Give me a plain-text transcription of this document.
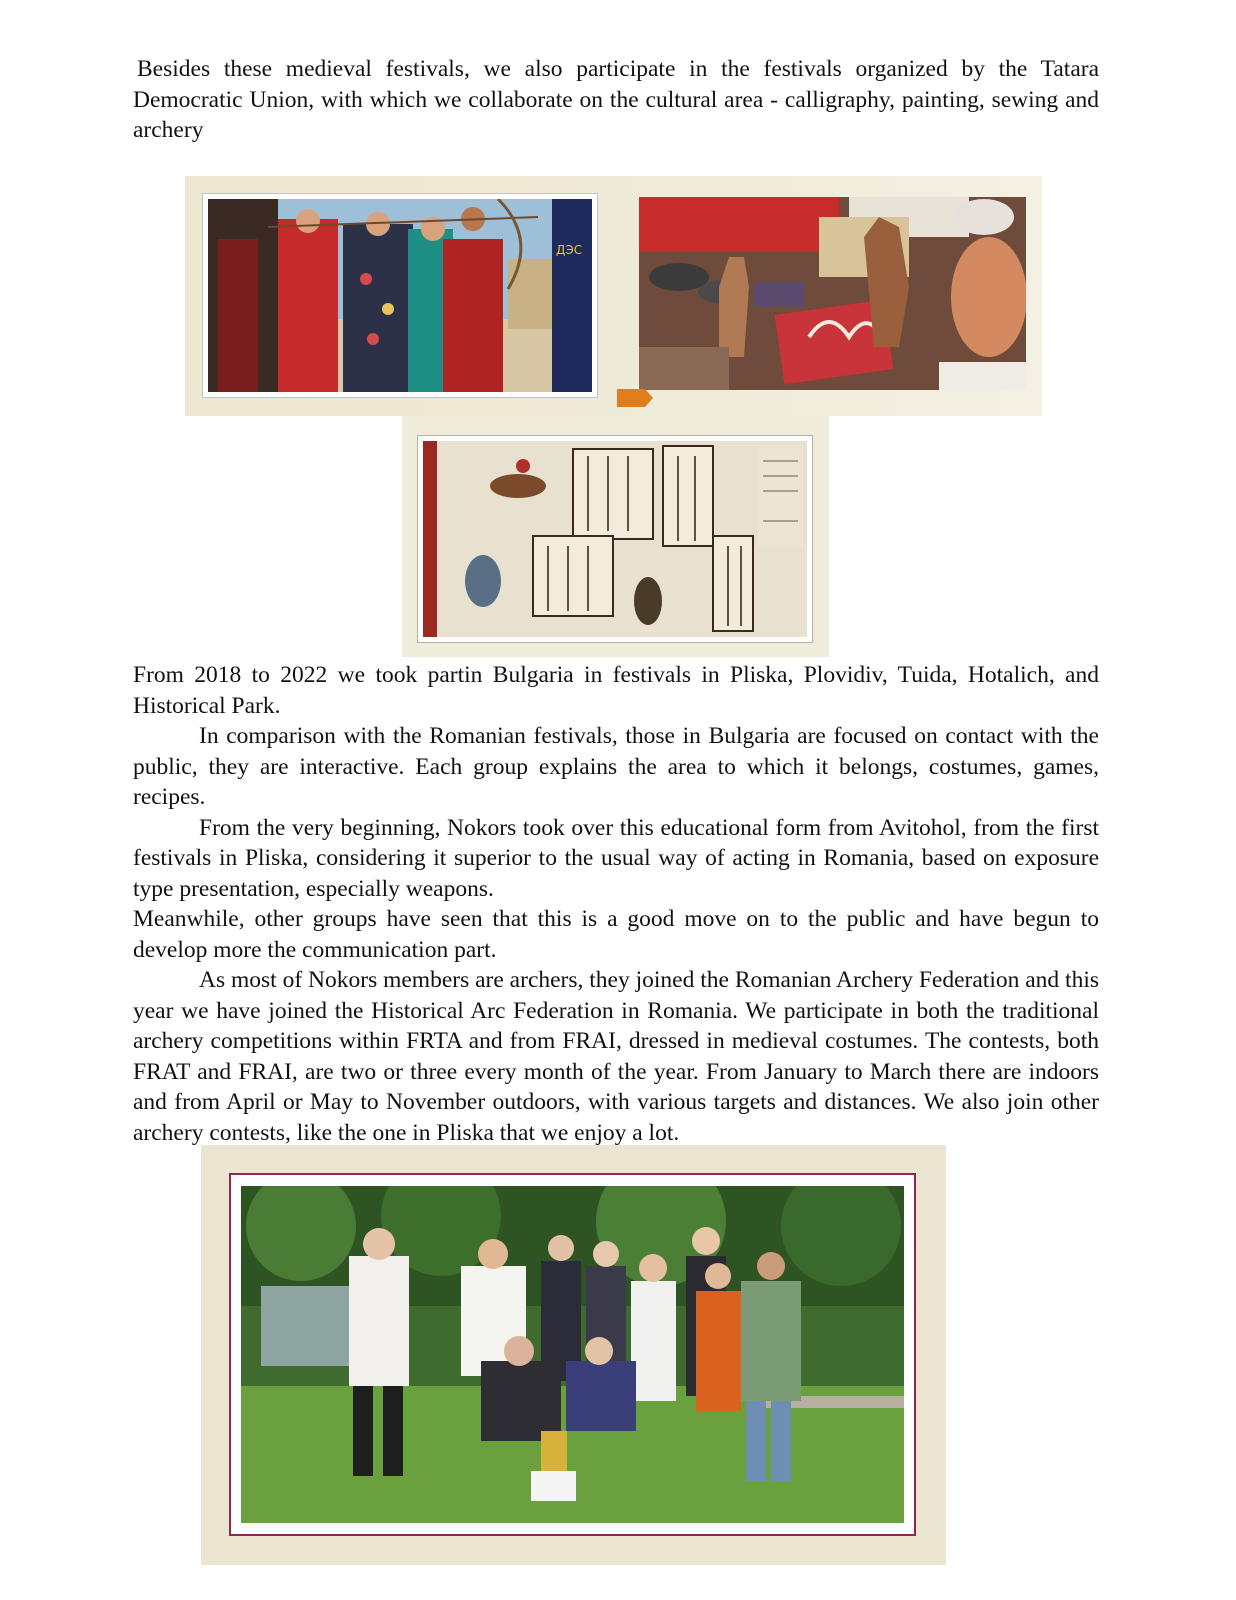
Besides these medieval festivals, we also participate in the festivals organized by the Tatara Democratic Union, with which we collaborate on the cultural area - calligraphy, painting, sewing and archery

ДЭС

From 2018 to 2022 we took partin Bulgaria in festivals in Pliska, Plovidiv, Tuida, Hotalich, and Historical Park.

In comparison with the Romanian festivals, those in Bulgaria are focused on contact with the public, they are interactive. Each group explains the area to which it belongs, costumes, games, recipes.

From the very beginning, Nokors took over this educational form from Avitohol, from the first festivals in Pliska, considering it superior to the usual way of acting in Romania, based on exposure type presentation, especially weapons.

Meanwhile, other groups have seen that this is a good move on to the public and have begun to develop more the communication part.

As most of Nokors members are archers, they joined the Romanian Archery Federation and this year we have joined the Historical Arc Federation in Romania. We participate in both the traditional archery competitions within FRTA and from FRAI, dressed in medieval costumes. The contests, both FRAT and FRAI, are two or three every month of the year. From January to March there are indoors and from April or May to November outdoors, with various targets and distances. We also join other archery contests, like the one in Pliska that we enjoy a lot.
